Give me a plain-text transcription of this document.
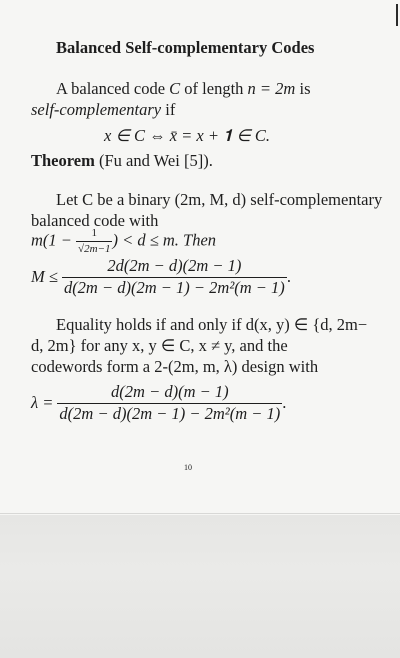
Balanced Self-complementary Codes
A balanced code C of length n = 2m is
self-complementary if
x ∈ C ⇔ x̄ = x + 𝟏 ∈ C.
Theorem (Fu and Wei [5]).
Let C be a binary (2m, M, d) self-complementary
balanced code with
$m(1 - \frac{1}{√2m-1}$ ) < d ≤ m. Then
$M \le \frac{2d(2m - d)(2m - 1)}{\text{d(2m − d)(2m − 1) − 2m²(m − 1)}}$ .
Equality holds if and only if d(x, y) ∈ {d, 2m−
d, 2m} for any x, y ∈ C, x ≠ y, and the
codewords form a 2-(2m, m, λ) design with
$\lambda = \frac{d(2m - d)(m - 1)}{\text{d(2m − d)(2m − 1) − 2m²(m − 1)}}$ .
10
